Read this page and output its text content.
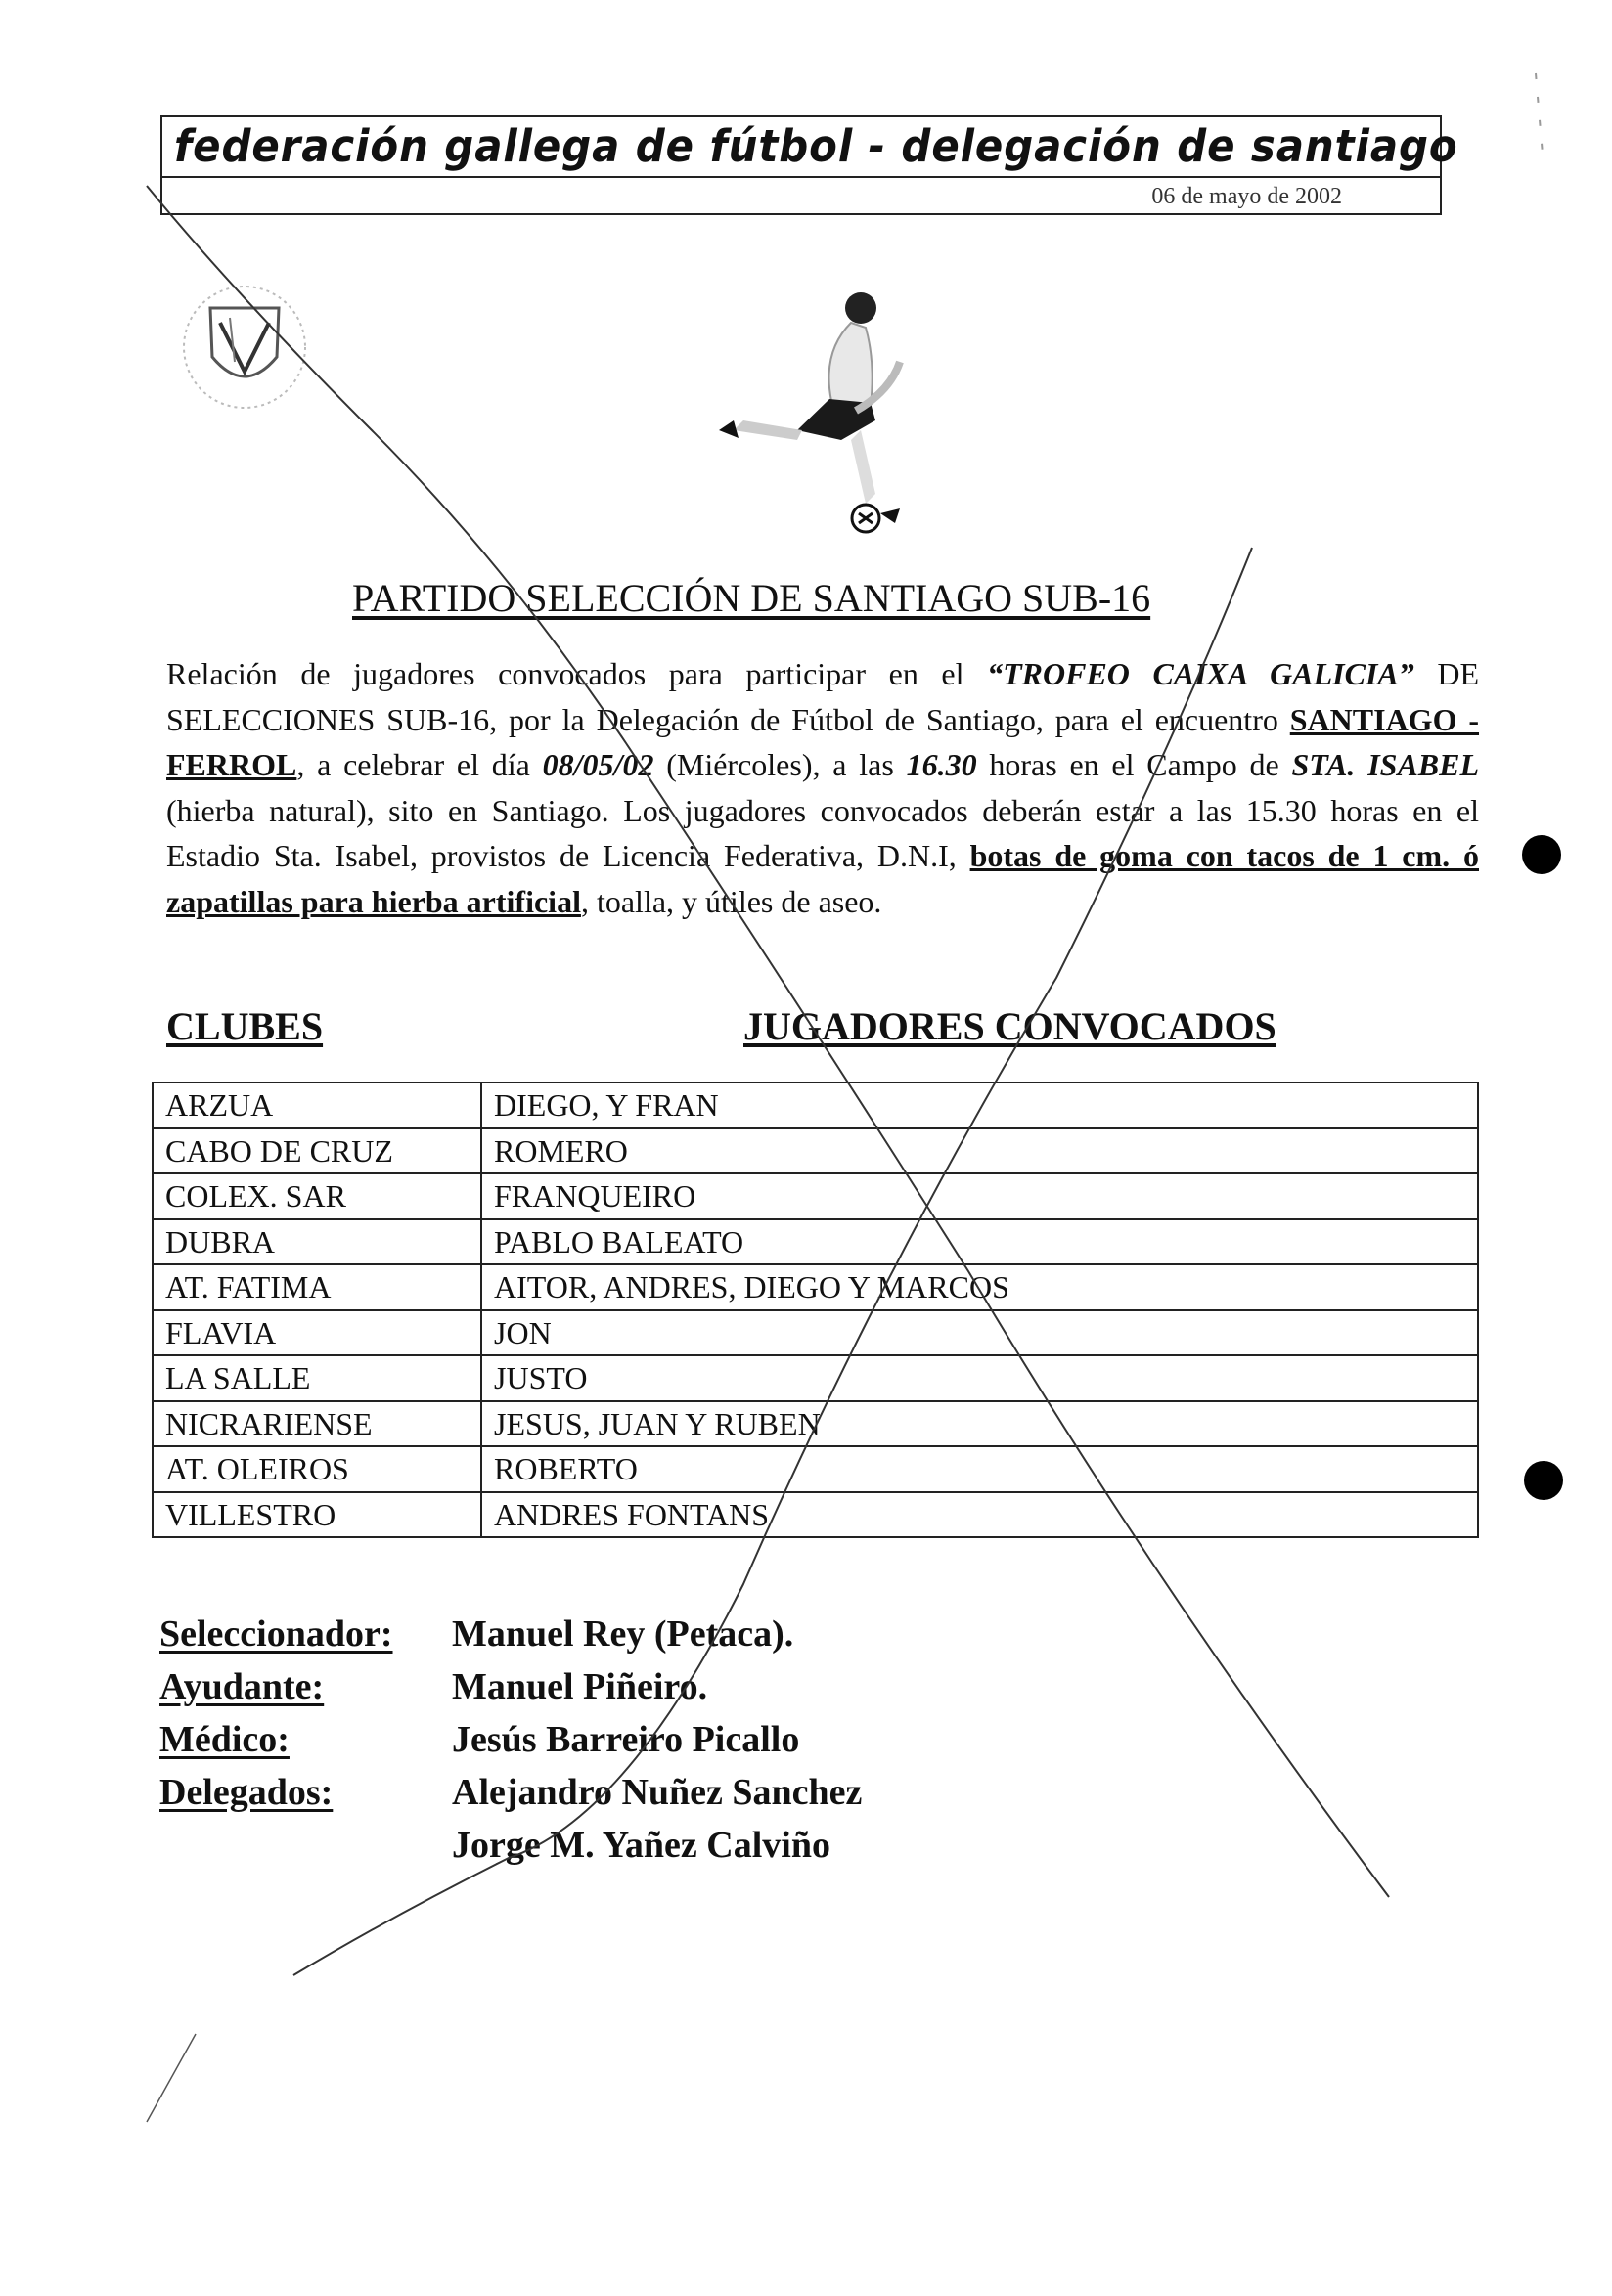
federación gallega de fútbol - delegación de santiago
06 de mayo de 2002
PARTIDO SELECCIÓN DE SANTIAGO SUB-16
Relación de jugadores convocados para participar en el “TROFEO CAIXA GALICIA” DE SELECCIONES SUB-16, por la Delegación de Fútbol de Santiago, para el encuentro SANTIAGO - FERROL, a celebrar el día 08/05/02 (Miércoles), a las 16.30 horas en el Campo de STA. ISABEL (hierba natural), sito en Santiago. Los jugadores convocados deberán estar a las 15.30 horas en el Estadio Sta. Isabel, provistos de Licencia Federativa, D.N.I, botas de goma con tacos de 1 cm. ó zapatillas para hierba artificial, toalla, y útiles de aseo.
CLUBES	JUGADORES CONVOCADOS
ARZUA	DIEGO, Y FRAN
CABO DE CRUZ	ROMERO
COLEX. SAR	FRANQUEIRO
DUBRA	PABLO BALEATO
AT. FATIMA	AITOR, ANDRES, DIEGO Y MARCOS
FLAVIA	JON
LA SALLE	JUSTO
NICRARIENSE	JESUS, JUAN Y RUBEN
AT. OLEIROS	ROBERTO
VILLESTRO	ANDRES FONTANS
Seleccionador: Manuel Rey (Petaca).
Ayudante:	Manuel Piñeiro.
Médico:	Jesús Barreiro Picallo
Delegados:	Alejandro Nuñez Sanchez
Jorge M. Yañez Calviño
